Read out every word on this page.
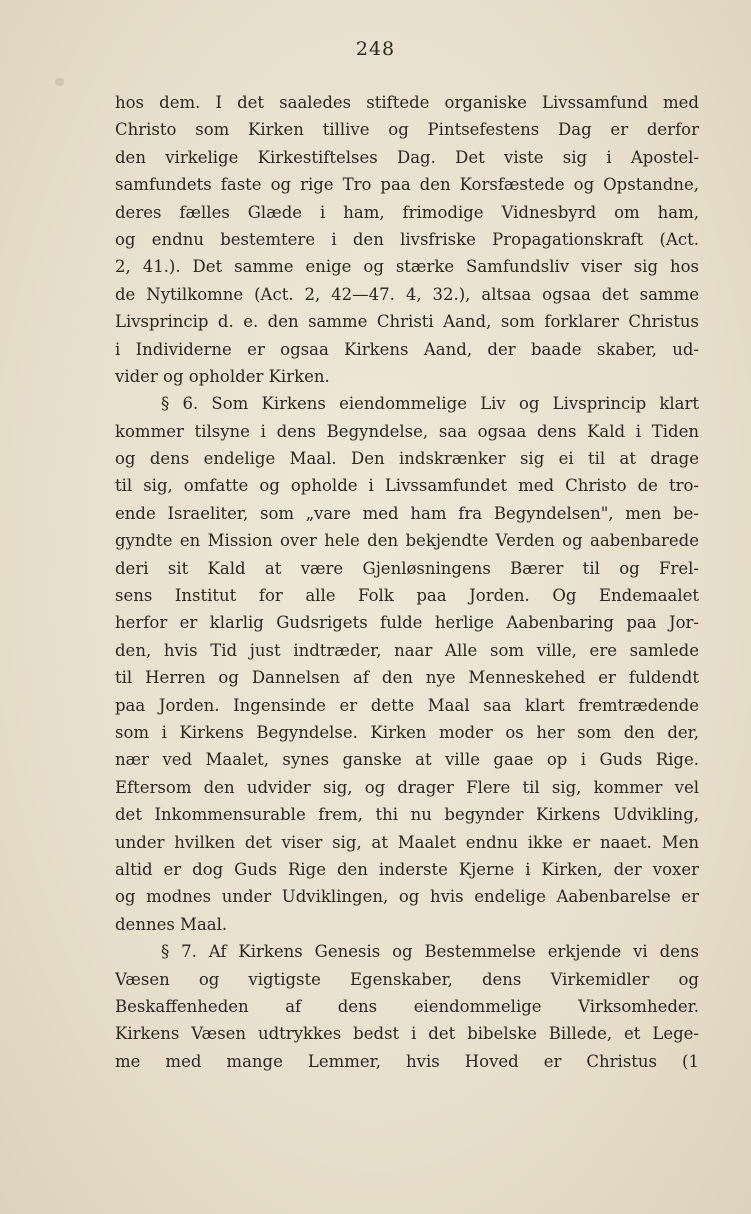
248
hos dem. I det saaledes stiftede organiske Livssamfund med
Christo som Kirken tillive og Pintsefestens Dag er derfor
den virkelige Kirkestiftelses Dag. Det viste sig i Apostel-
samfundets faste og rige Tro paa den Korsfæstede og Opstandne,
deres fælles Glæde i ham, frimodige Vidnesbyrd om ham,
og endnu bestemtere i den livsfriske Propagationskraft (Act.
2, 41.). Det samme enige og stærke Samfundsliv viser sig hos
de Nytilkomne (Act. 2, 42—47. 4, 32.), altsaa ogsaa det samme
Livsprincip d. e. den samme Christi Aand, som forklarer Christus
i Individerne er ogsaa Kirkens Aand, der baade skaber, ud-
vider og opholder Kirken.
§ 6. Som Kirkens eiendommelige Liv og Livsprincip klart
kommer tilsyne i dens Begyndelse, saa ogsaa dens Kald i Tiden
og dens endelige Maal. Den indskrænker sig ei til at drage
til sig, omfatte og opholde i Livssamfundet med Christo de tro-
ende Israeliter, som „vare med ham fra Begyndelsen", men be-
gyndte en Mission over hele den bekjendte Verden og aabenbarede
deri sit Kald at være Gjenløsningens Bærer til og Frel-
sens Institut for alle Folk paa Jorden. Og Endemaalet
herfor er klarlig Gudsrigets fulde herlige Aabenbaring paa Jor-
den, hvis Tid just indtræder, naar Alle som ville, ere samlede
til Herren og Dannelsen af den nye Menneskehed er fuldendt
paa Jorden. Ingensinde er dette Maal saa klart fremtrædende
som i Kirkens Begyndelse. Kirken moder os her som den der,
nær ved Maalet, synes ganske at ville gaae op i Guds Rige.
Eftersom den udvider sig, og drager Flere til sig, kommer vel
det Inkommensurable frem, thi nu begynder Kirkens Udvikling,
under hvilken det viser sig, at Maalet endnu ikke er naaet. Men
altid er dog Guds Rige den inderste Kjerne i Kirken, der voxer
og modnes under Udviklingen, og hvis endelige Aabenbarelse er
dennes Maal.
§ 7. Af Kirkens Genesis og Bestemmelse erkjende vi dens
Væsen og vigtigste Egenskaber, dens Virkemidler og
Beskaffenheden af dens eiendommelige Virksomheder.
Kirkens Væsen udtrykkes bedst i det bibelske Billede, et Lege-
me med mange Lemmer, hvis Hoved er Christus (1
